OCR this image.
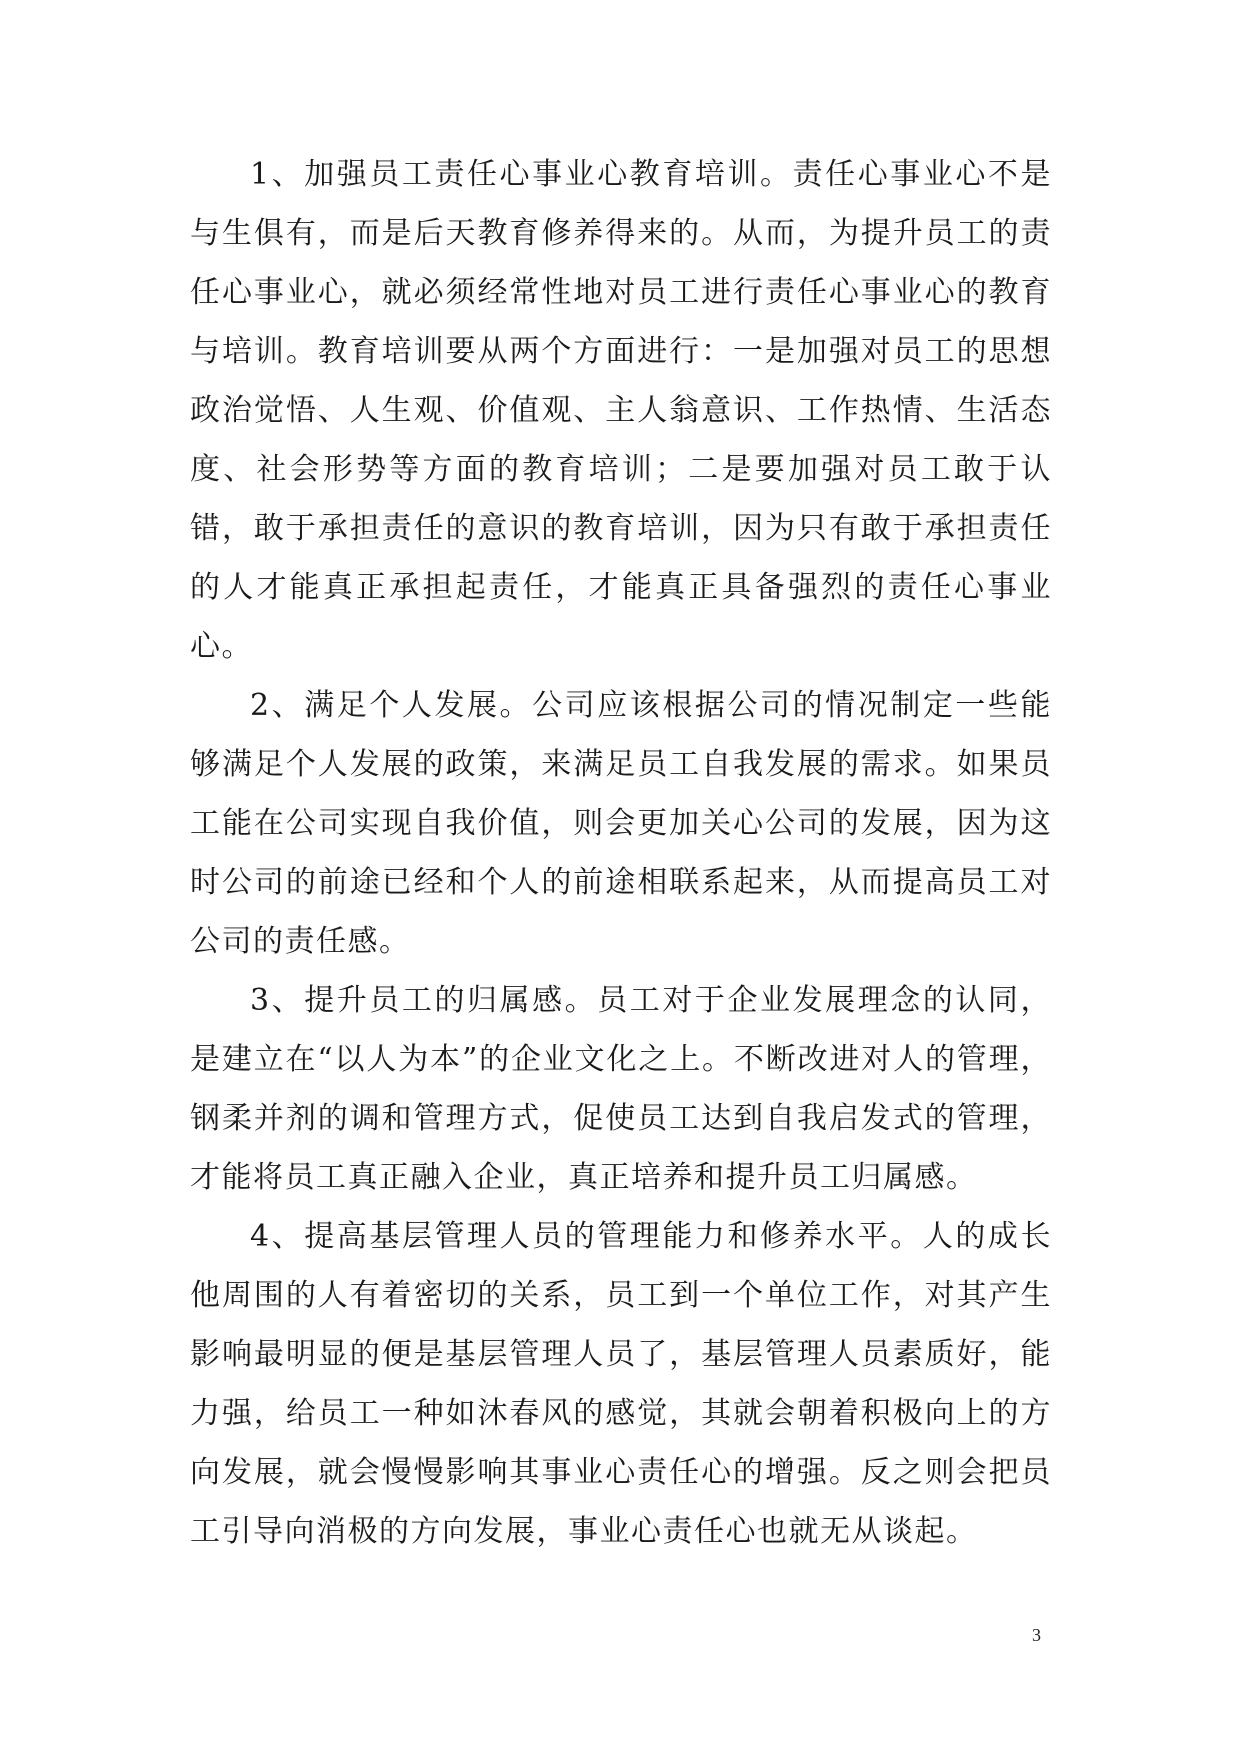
1、加强员工责任心事业心教育培训。责任心事业心不是与生俱有，而是后天教育修养得来的。从而，为提升员工的责任心事业心，就必须经常性地对员工进行责任心事业心的教育与培训。教育培训要从两个方面进行：一是加强对员工的思想政治觉悟、人生观、价值观、主人翁意识、工作热情、生活态度、社会形势等方面的教育培训；二是要加强对员工敢于认错，敢于承担责任的意识的教育培训，因为只有敢于承担责任的人才能真正承担起责任，才能真正具备强烈的责任心事业心。

2、满足个人发展。公司应该根据公司的情况制定一些能够满足个人发展的政策，来满足员工自我发展的需求。如果员工能在公司实现自我价值，则会更加关心公司的发展，因为这时公司的前途已经和个人的前途相联系起来，从而提高员工对公司的责任感。

3、提升员工的归属感。员工对于企业发展理念的认同，是建立在“以人为本”的企业文化之上。不断改进对人的管理，钢柔并剂的调和管理方式，促使员工达到自我启发式的管理，才能将员工真正融入企业，真正培养和提升员工归属感。

4、提高基层管理人员的管理能力和修养水平。人的成长他周围的人有着密切的关系，员工到一个单位工作，对其产生影响最明显的便是基层管理人员了，基层管理人员素质好，能力强，给员工一种如沐春风的感觉，其就会朝着积极向上的方向发展，就会慢慢影响其事业心责任心的增强。反之则会把员工引导向消极的方向发展，事业心责任心也就无从谈起。

3
